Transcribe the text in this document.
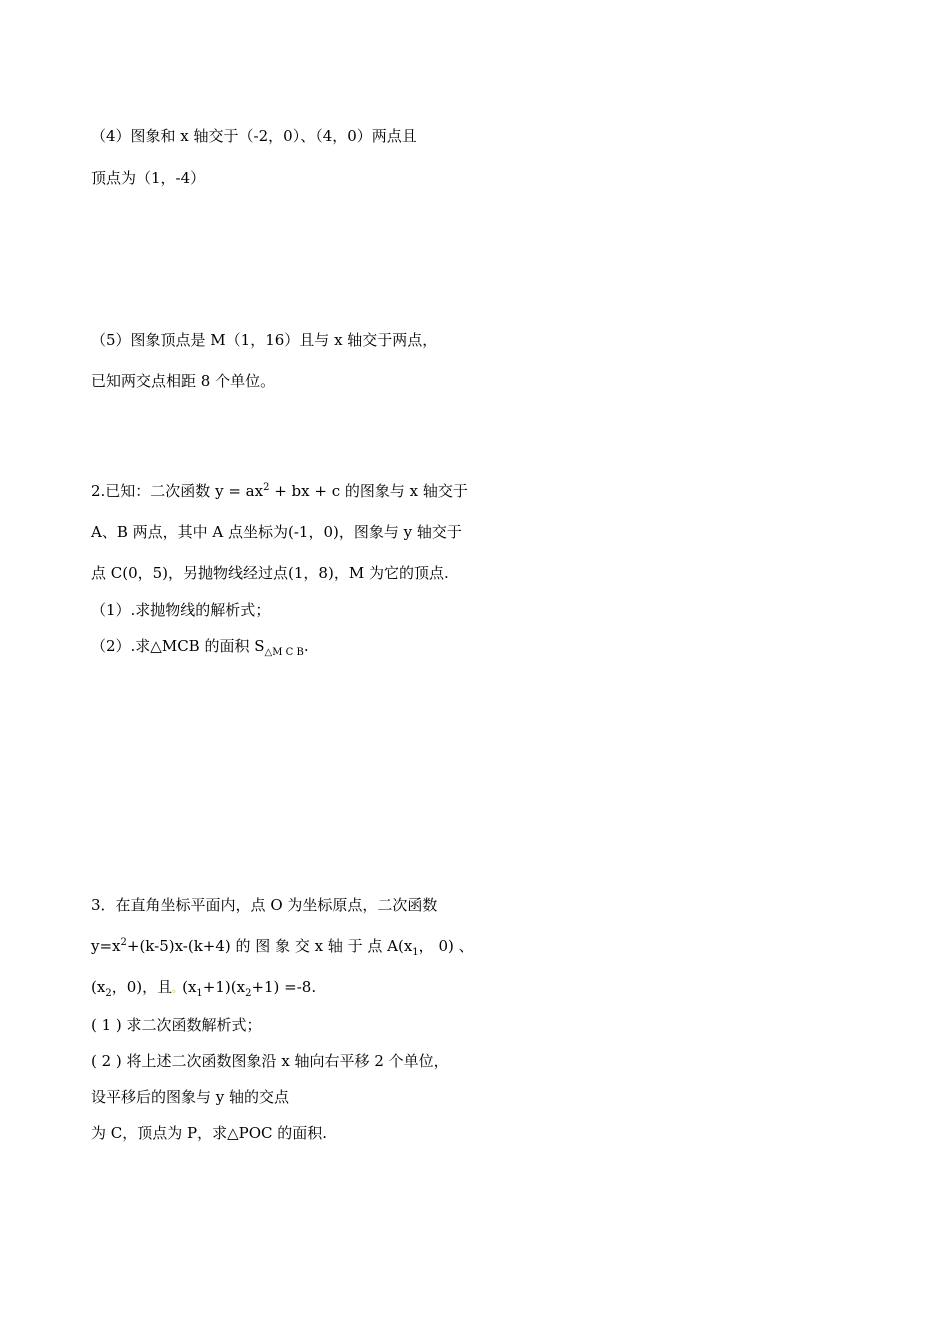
（4）图象和 x 轴交于（-2，0）、（4，0）两点且
顶点为（1，-4）
（5）图象顶点是 M（1，16）且与 x 轴交于两点，
已知两交点相距 8 个单位。
2.已知：二次函数 $y = ax^2$ + bx + c 的图象与 x 轴交于
A、B 两点，其中 A 点坐标为(-1，0)，图象与 y 轴交于
点 C(0，5)，另抛物线经过点(1，8)，M 为它的顶点.
（1）.求抛物线的解析式；
（2）.求△MCB 的面积 $S_{\triangle M C B}$.
3．在直角坐标平面内，点 O 为坐标原点，二次函数
$y=x^2+(k-5)x-(k+4)$ 的 图 象 交 x 轴 于 点 $A(x_1$， 0) 、
($x_2$，0)，且。$(x_1+1)(x_2+1) =-8$.
( 1 ) 求二次函数解析式；
( 2 ) 将上述二次函数图象沿 x 轴向右平移 2 个单位，
设平移后的图象与 y 轴的交点
为 C，顶点为 P，求△POC 的面积.
